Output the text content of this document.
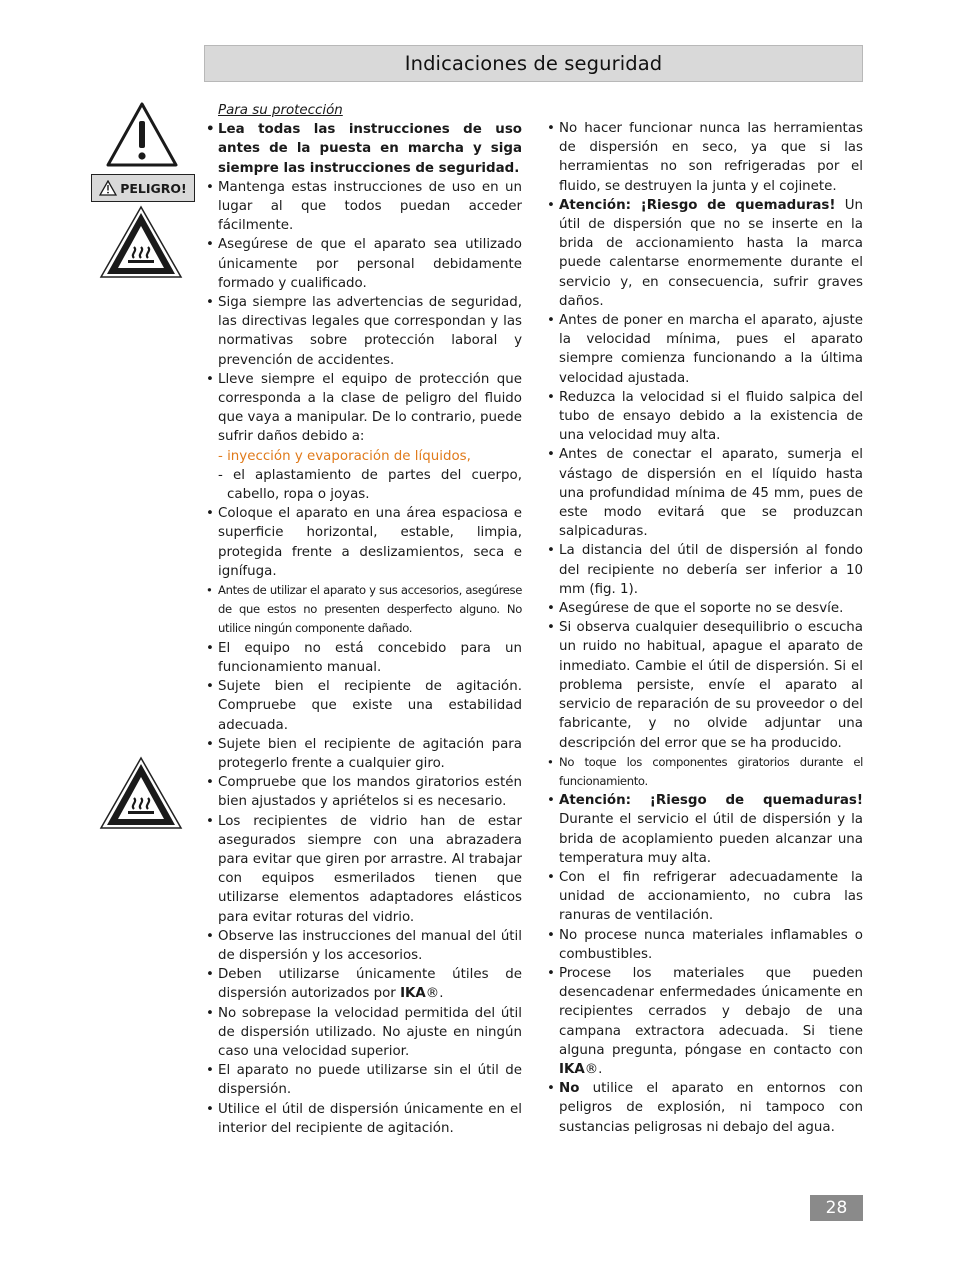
Indicaciones de seguridad
PELIGRO!
Para su protección
• Lea todas las instrucciones de uso antes de la puesta en marcha y siga siempre las instrucciones de seguridad.
• Mantenga estas instrucciones de uso en un lugar al que todos puedan acceder fácilmente.
• Asegúrese de que el aparato sea utilizado únicamente por personal debidamente formado y cualificado.
• Siga siempre las advertencias de seguridad, las directivas legales que correspondan y las normativas sobre protección laboral y prevención de accidentes.
• Lleve siempre el equipo de protección que corresponda a la clase de peligro del fluido que vaya a manipular. De lo contrario, puede sufrir daños debido a:
- inyección y evaporación de líquidos,
- el aplastamiento de partes del cuerpo, cabello, ropa o joyas.
• Coloque el aparato en una área espaciosa e superficie horizontal, estable, limpia, protegida frente a deslizamientos, seca e ignífuga.
• Antes de utilizar el aparato y sus accesorios, asegúrese de que estos no presenten desperfecto alguno. No utilice ningún componente dañado.
• El equipo no está concebido para un funcionamiento manual.
• Sujete bien el recipiente de agitación. Compruebe que existe una estabilidad adecuada.
• Sujete bien el recipiente de agitación para protegerlo frente a cualquier giro.
• Compruebe que los mandos giratorios estén bien ajustados y apriételos si es necesario.
• Los recipientes de vidrio han de estar asegurados siempre con una abrazadera para evitar que giren por arrastre. Al trabajar con equipos esmerilados tienen que utilizarse elementos adaptadores elásticos para evitar roturas del vidrio.
• Observe las instrucciones del manual del útil de dispersión y los accesorios.
• Deben utilizarse únicamente útiles de dispersión autorizados por IKA®.
• No sobrepase la velocidad permitida del útil de dispersión utilizado. No ajuste en ningún caso una velocidad superior.
• El aparato no puede utilizarse sin el útil de dispersión.
• Utilice el útil de dispersión únicamente en el interior del recipiente de agitación.
• No hacer funcionar nunca las herramientas de dispersión en seco, ya que si las herramientas no son refrigeradas por el fluido, se destruyen la junta y el cojinete.
• Atención: ¡Riesgo de quemaduras! Un útil de dispersión que no se inserte en la brida de accionamiento hasta la marca puede calentarse enormemente durante el servicio y, en consecuencia, sufrir graves daños.
• Antes de poner en marcha el aparato, ajuste la velocidad mínima, pues el aparato siempre comienza funcionando a la última velocidad ajustada.
• Reduzca la velocidad si el fluido salpica del tubo de ensayo debido a la existencia de una velocidad muy alta.
• Antes de conectar el aparato, sumerja el vástago de dispersión en el líquido hasta una profundidad mínima de 45 mm, pues de este modo evitará que se produzcan salpicaduras.
• La distancia del útil de dispersión al fondo del recipiente no debería ser inferior a 10 mm (fig. 1).
• Asegúrese de que el soporte no se desvíe.
• Si observa cualquier desequilibrio o escucha un ruido no habitual, apague el aparato de inmediato. Cambie el útil de dispersión. Si el problema persiste, envíe el aparato al servicio de reparación de su proveedor o del fabricante, y no olvide adjuntar una descripción del error que se ha producido.
• No toque los componentes giratorios durante el funcionamiento.
• Atención: ¡Riesgo de quemaduras! Durante el servicio el útil de dispersión y la brida de acoplamiento pueden alcanzar una temperatura muy alta.
• Con el fin refrigerar adecuadamente la unidad de accionamiento, no cubra las ranuras de ventilación.
• No procese nunca materiales inflamables o combustibles.
• Procese los materiales que pueden desencadenar enfermedades únicamente en recipientes cerrados y debajo de una campana extractora adecuada. Si tiene alguna pregunta, póngase en contacto con IKA®.
• No utilice el aparato en entornos con peligros de explosión, ni tampoco con sustancias peligrosas ni debajo del agua.
28
